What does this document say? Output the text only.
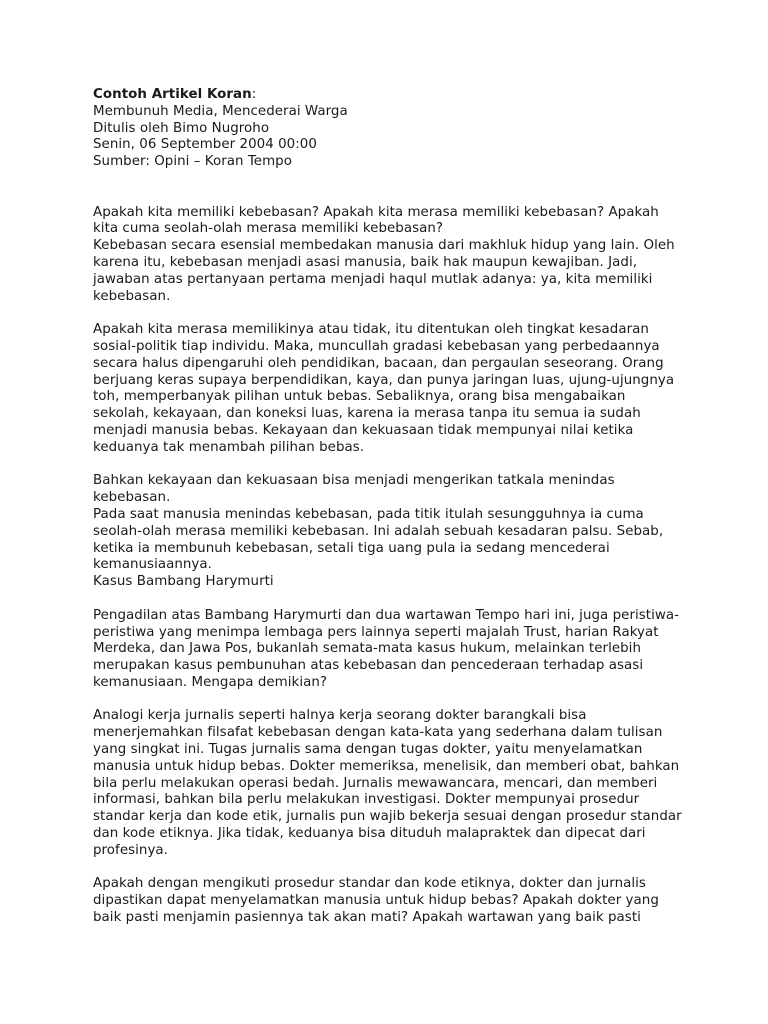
Contoh Artikel Koran:

Membunuh Media, Mencederai Warga

Ditulis oleh Bimo Nugroho

Senin, 06 September 2004 00:00

Sumber: Opini – Koran Tempo

Apakah kita memiliki kebebasan? Apakah kita merasa memiliki kebebasan? Apakah kita cuma seolah-olah merasa memiliki kebebasan?

Kebebasan secara esensial membedakan manusia dari makhluk hidup yang lain. Oleh karena itu, kebebasan menjadi asasi manusia, baik hak maupun kewajiban. Jadi, jawaban atas pertanyaan pertama menjadi haqul mutlak adanya: ya, kita memiliki kebebasan.

Apakah kita merasa memilikinya atau tidak, itu ditentukan oleh tingkat kesadaran sosial-politik tiap individu. Maka, muncullah gradasi kebebasan yang perbedaannya secara halus dipengaruhi oleh pendidikan, bacaan, dan pergaulan seseorang. Orang berjuang keras supaya berpendidikan, kaya, dan punya jaringan luas, ujung-ujungnya toh, memperbanyak pilihan untuk bebas. Sebaliknya, orang bisa mengabaikan sekolah, kekayaan, dan koneksi luas, karena ia merasa tanpa itu semua ia sudah menjadi manusia bebas. Kekayaan dan kekuasaan tidak mempunyai nilai ketika keduanya tak menambah pilihan bebas.

Bahkan kekayaan dan kekuasaan bisa menjadi mengerikan tatkala menindas kebebasan.

Pada saat manusia menindas kebebasan, pada titik itulah sesungguhnya ia cuma seolah-olah merasa memiliki kebebasan. Ini adalah sebuah kesadaran palsu. Sebab, ketika ia membunuh kebebasan, setali tiga uang pula ia sedang mencederai kemanusiaannya.

Kasus Bambang Harymurti

Pengadilan atas Bambang Harymurti dan dua wartawan Tempo hari ini, juga peristiwa-peristiwa yang menimpa lembaga pers lainnya seperti majalah Trust, harian Rakyat Merdeka, dan Jawa Pos, bukanlah semata-mata kasus hukum, melainkan terlebih merupakan kasus pembunuhan atas kebebasan dan pencederaan terhadap asasi kemanusiaan. Mengapa demikian?

Analogi kerja jurnalis seperti halnya kerja seorang dokter barangkali bisa menerjemahkan filsafat kebebasan dengan kata-kata yang sederhana dalam tulisan yang singkat ini. Tugas jurnalis sama dengan tugas dokter, yaitu menyelamatkan manusia untuk hidup bebas. Dokter memeriksa, menelisik, dan memberi obat, bahkan bila perlu melakukan operasi bedah. Jurnalis mewawancara, mencari, dan memberi informasi, bahkan bila perlu melakukan investigasi. Dokter mempunyai prosedur standar kerja dan kode etik, jurnalis pun wajib bekerja sesuai dengan prosedur standar dan kode etiknya. Jika tidak, keduanya bisa dituduh malapraktek dan dipecat dari profesinya.

Apakah dengan mengikuti prosedur standar dan kode etiknya, dokter dan jurnalis dipastikan dapat menyelamatkan manusia untuk hidup bebas? Apakah dokter yang baik pasti menjamin pasiennya tak akan mati? Apakah wartawan yang baik pasti
